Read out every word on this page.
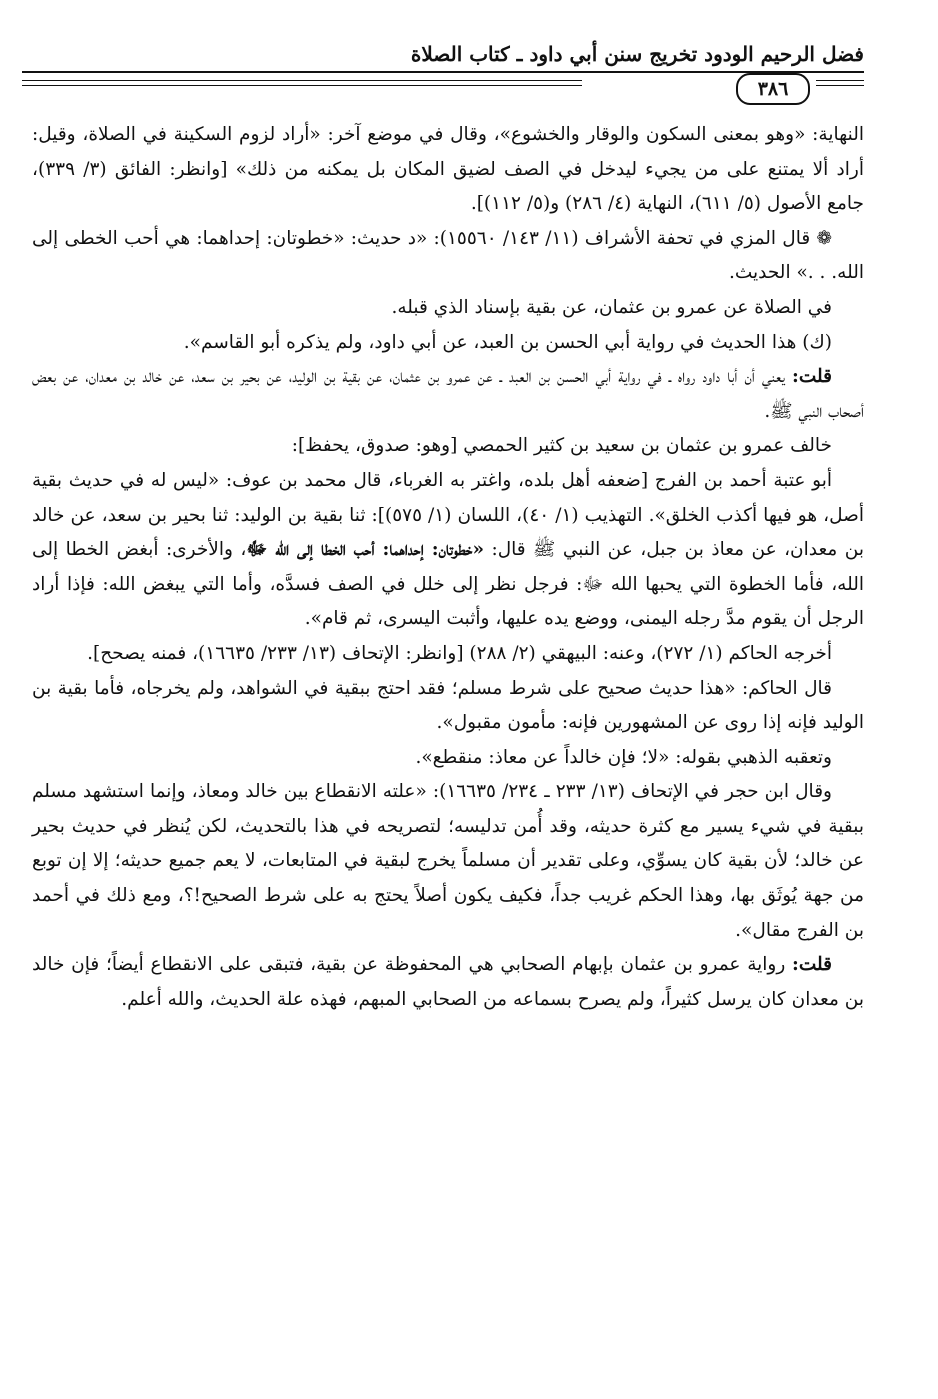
فضل الرحيم الودود تخريج سنن أبي داود ـ كتاب الصلاة
٣٨٦

النهاية: «وهو بمعنى السكون والوقار والخشوع»، وقال في موضع آخر: «أراد لزوم السكينة في الصلاة، وقيل: أراد ألا يمتنع على من يجيء ليدخل في الصف لضيق المكان بل يمكنه من ذلك» [وانظر: الفائق (٣/ ٣٣٩)، جامع الأصول (٥/ ٦١١)، النهاية (٤/ ٢٨٦) و(٥/ ١١٢)].

❁ قال المزي في تحفة الأشراف (١١/ ١٤٣/ ١٥٥٦٠): «د حديث: «خطوتان: إحداهما: هي أحب الخطى إلى الله. . .» الحديث.

في الصلاة عن عمرو بن عثمان، عن بقية بإسناد الذي قبله.

(ك) هذا الحديث في رواية أبي الحسن بن العبد، عن أبي داود، ولم يذكره أبو القاسم».

قلت: يعني أن أبا داود رواه ـ في رواية أبي الحسن بن العبد ـ عن عمرو بن عثمان، عن بقية بن الوليد، عن بحير بن سعد، عن خالد بن معدان، عن بعض أصحاب النبي ﷺ.

خالف عمرو بن عثمان بن سعيد بن كثير الحمصي [وهو: صدوق، يحفظ]:

أبو عتبة أحمد بن الفرج [ضعفه أهل بلده، واغتر به الغرباء، قال محمد بن عوف: «ليس له في حديث بقية أصل، هو فيها أكذب الخلق». التهذيب (١/ ٤٠)، اللسان (١/ ٥٧٥)]: ثنا بقية بن الوليد: ثنا بحير بن سعد، عن خالد بن معدان، عن معاذ بن جبل، عن النبي ﷺ قال: «خطوتان: إحداهما: أحب الخطا إلى الله ﷻ، والأخرى: أبغض الخطا إلى الله، فأما الخطوة التي يحبها الله ﷻ: فرجل نظر إلى خلل في الصف فسدَّه، وأما التي يبغض الله: فإذا أراد الرجل أن يقوم مدَّ رجله اليمنى، ووضع يده عليها، وأثبت اليسرى، ثم قام».

أخرجه الحاكم (١/ ٢٧٢)، وعنه: البيهقي (٢/ ٢٨٨) [وانظر: الإتحاف (١٣/ ٢٣٣/ ١٦٦٣٥)، فمنه يصحح].

قال الحاكم: «هذا حديث صحيح على شرط مسلم؛ فقد احتج ببقية في الشواهد، ولم يخرجاه، فأما بقية بن الوليد فإنه إذا روى عن المشهورين فإنه: مأمون مقبول».

وتعقبه الذهبي بقوله: «لا؛ فإن خالداً عن معاذ: منقطع».

وقال ابن حجر في الإتحاف (١٣/ ٢٣٣ ـ ٢٣٤/ ١٦٦٣٥): «علته الانقطاع بين خالد ومعاذ، وإنما استشهد مسلم ببقية في شيء يسير مع كثرة حديثه، وقد أُمن تدليسه؛ لتصريحه في هذا بالتحديث، لكن يُنظر في حديث بحير عن خالد؛ لأن بقية كان يسوِّي، وعلى تقدير أن مسلماً يخرج لبقية في المتابعات، لا يعم جميع حديثه؛ إلا إن توبع من جهة يُوثَق بها، وهذا الحكم غريب جداً، فكيف يكون أصلاً يحتج به على شرط الصحيح!؟، ومع ذلك في أحمد بن الفرج مقال».

قلت: رواية عمرو بن عثمان بإبهام الصحابي هي المحفوظة عن بقية، فتبقى على الانقطاع أيضاً؛ فإن خالد بن معدان كان يرسل كثيراً، ولم يصرح بسماعه من الصحابي المبهم، فهذه علة الحديث، والله أعلم.
